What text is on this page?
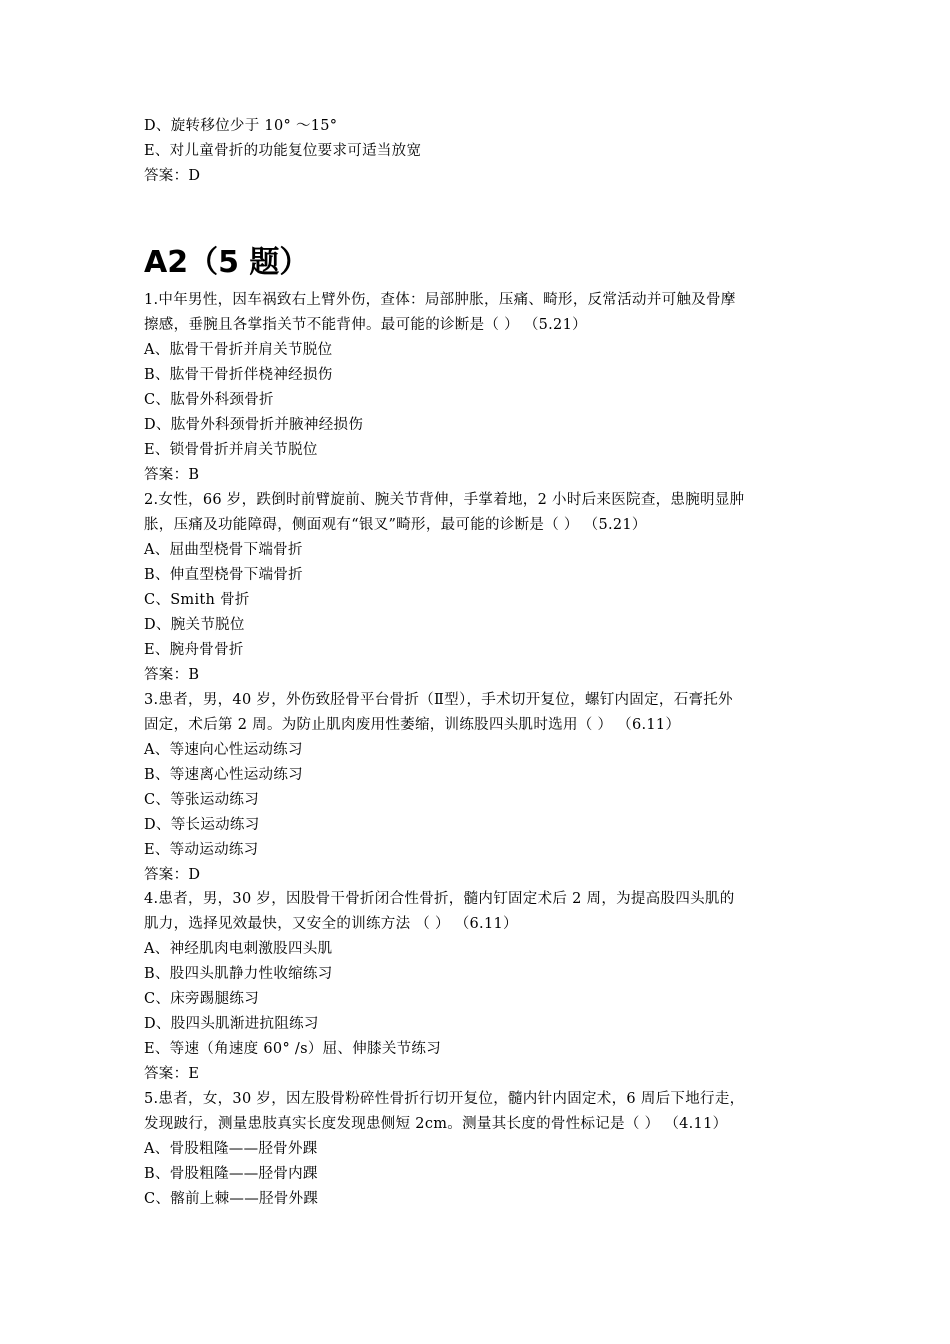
D、旋转移位少于 10° ～15°
E、对儿童骨折的功能复位要求可适当放宽
答案：D
A2（5 题）
1.中年男性，因车祸致右上臂外伤，查体：局部肿胀，压痛、畸形，反常活动并可触及骨摩
擦感，垂腕且各掌指关节不能背伸。最可能的诊断是（ ） （5.21）
A、肱骨干骨折并肩关节脱位
B、肱骨干骨折伴桡神经损伤
C、肱骨外科颈骨折
D、肱骨外科颈骨折并腋神经损伤
E、锁骨骨折并肩关节脱位
答案：B
2.女性，66 岁，跌倒时前臂旋前、腕关节背伸，手掌着地，2 小时后来医院查，患腕明显肿
胀，压痛及功能障碍，侧面观有“银叉”畸形，最可能的诊断是（ ） （5.21）
A、屈曲型桡骨下端骨折
B、伸直型桡骨下端骨折
C、Smith 骨折
D、腕关节脱位
E、腕舟骨骨折
答案：B
3.患者，男，40 岁，外伤致胫骨平台骨折（Ⅱ型），手术切开复位，螺钉内固定，石膏托外
固定，术后第 2 周。为防止肌肉废用性萎缩，训练股四头肌时选用（ ） （6.11）
A、等速向心性运动练习
B、等速离心性运动练习
C、等张运动练习
D、等长运动练习
E、等动运动练习
答案：D
4.患者，男，30 岁，因股骨干骨折闭合性骨折，髓内钉固定术后 2 周，为提高股四头肌的
肌力，选择见效最快，又安全的训练方法 （ ） （6.11）
A、神经肌肉电刺激股四头肌
B、股四头肌静力性收缩练习
C、床旁踢腿练习
D、股四头肌渐进抗阻练习
E、等速（角速度 60° /s）屈、伸膝关节练习
答案：E
5.患者，女，30 岁，因左股骨粉碎性骨折行切开复位，髓内针内固定术，6 周后下地行走，
发现跛行，测量患肢真实长度发现患侧短 2cm。测量其长度的骨性标记是（ ） （4.11）
A、骨股粗隆——胫骨外踝
B、骨股粗隆——胫骨内踝
C、髂前上棘——胫骨外踝
